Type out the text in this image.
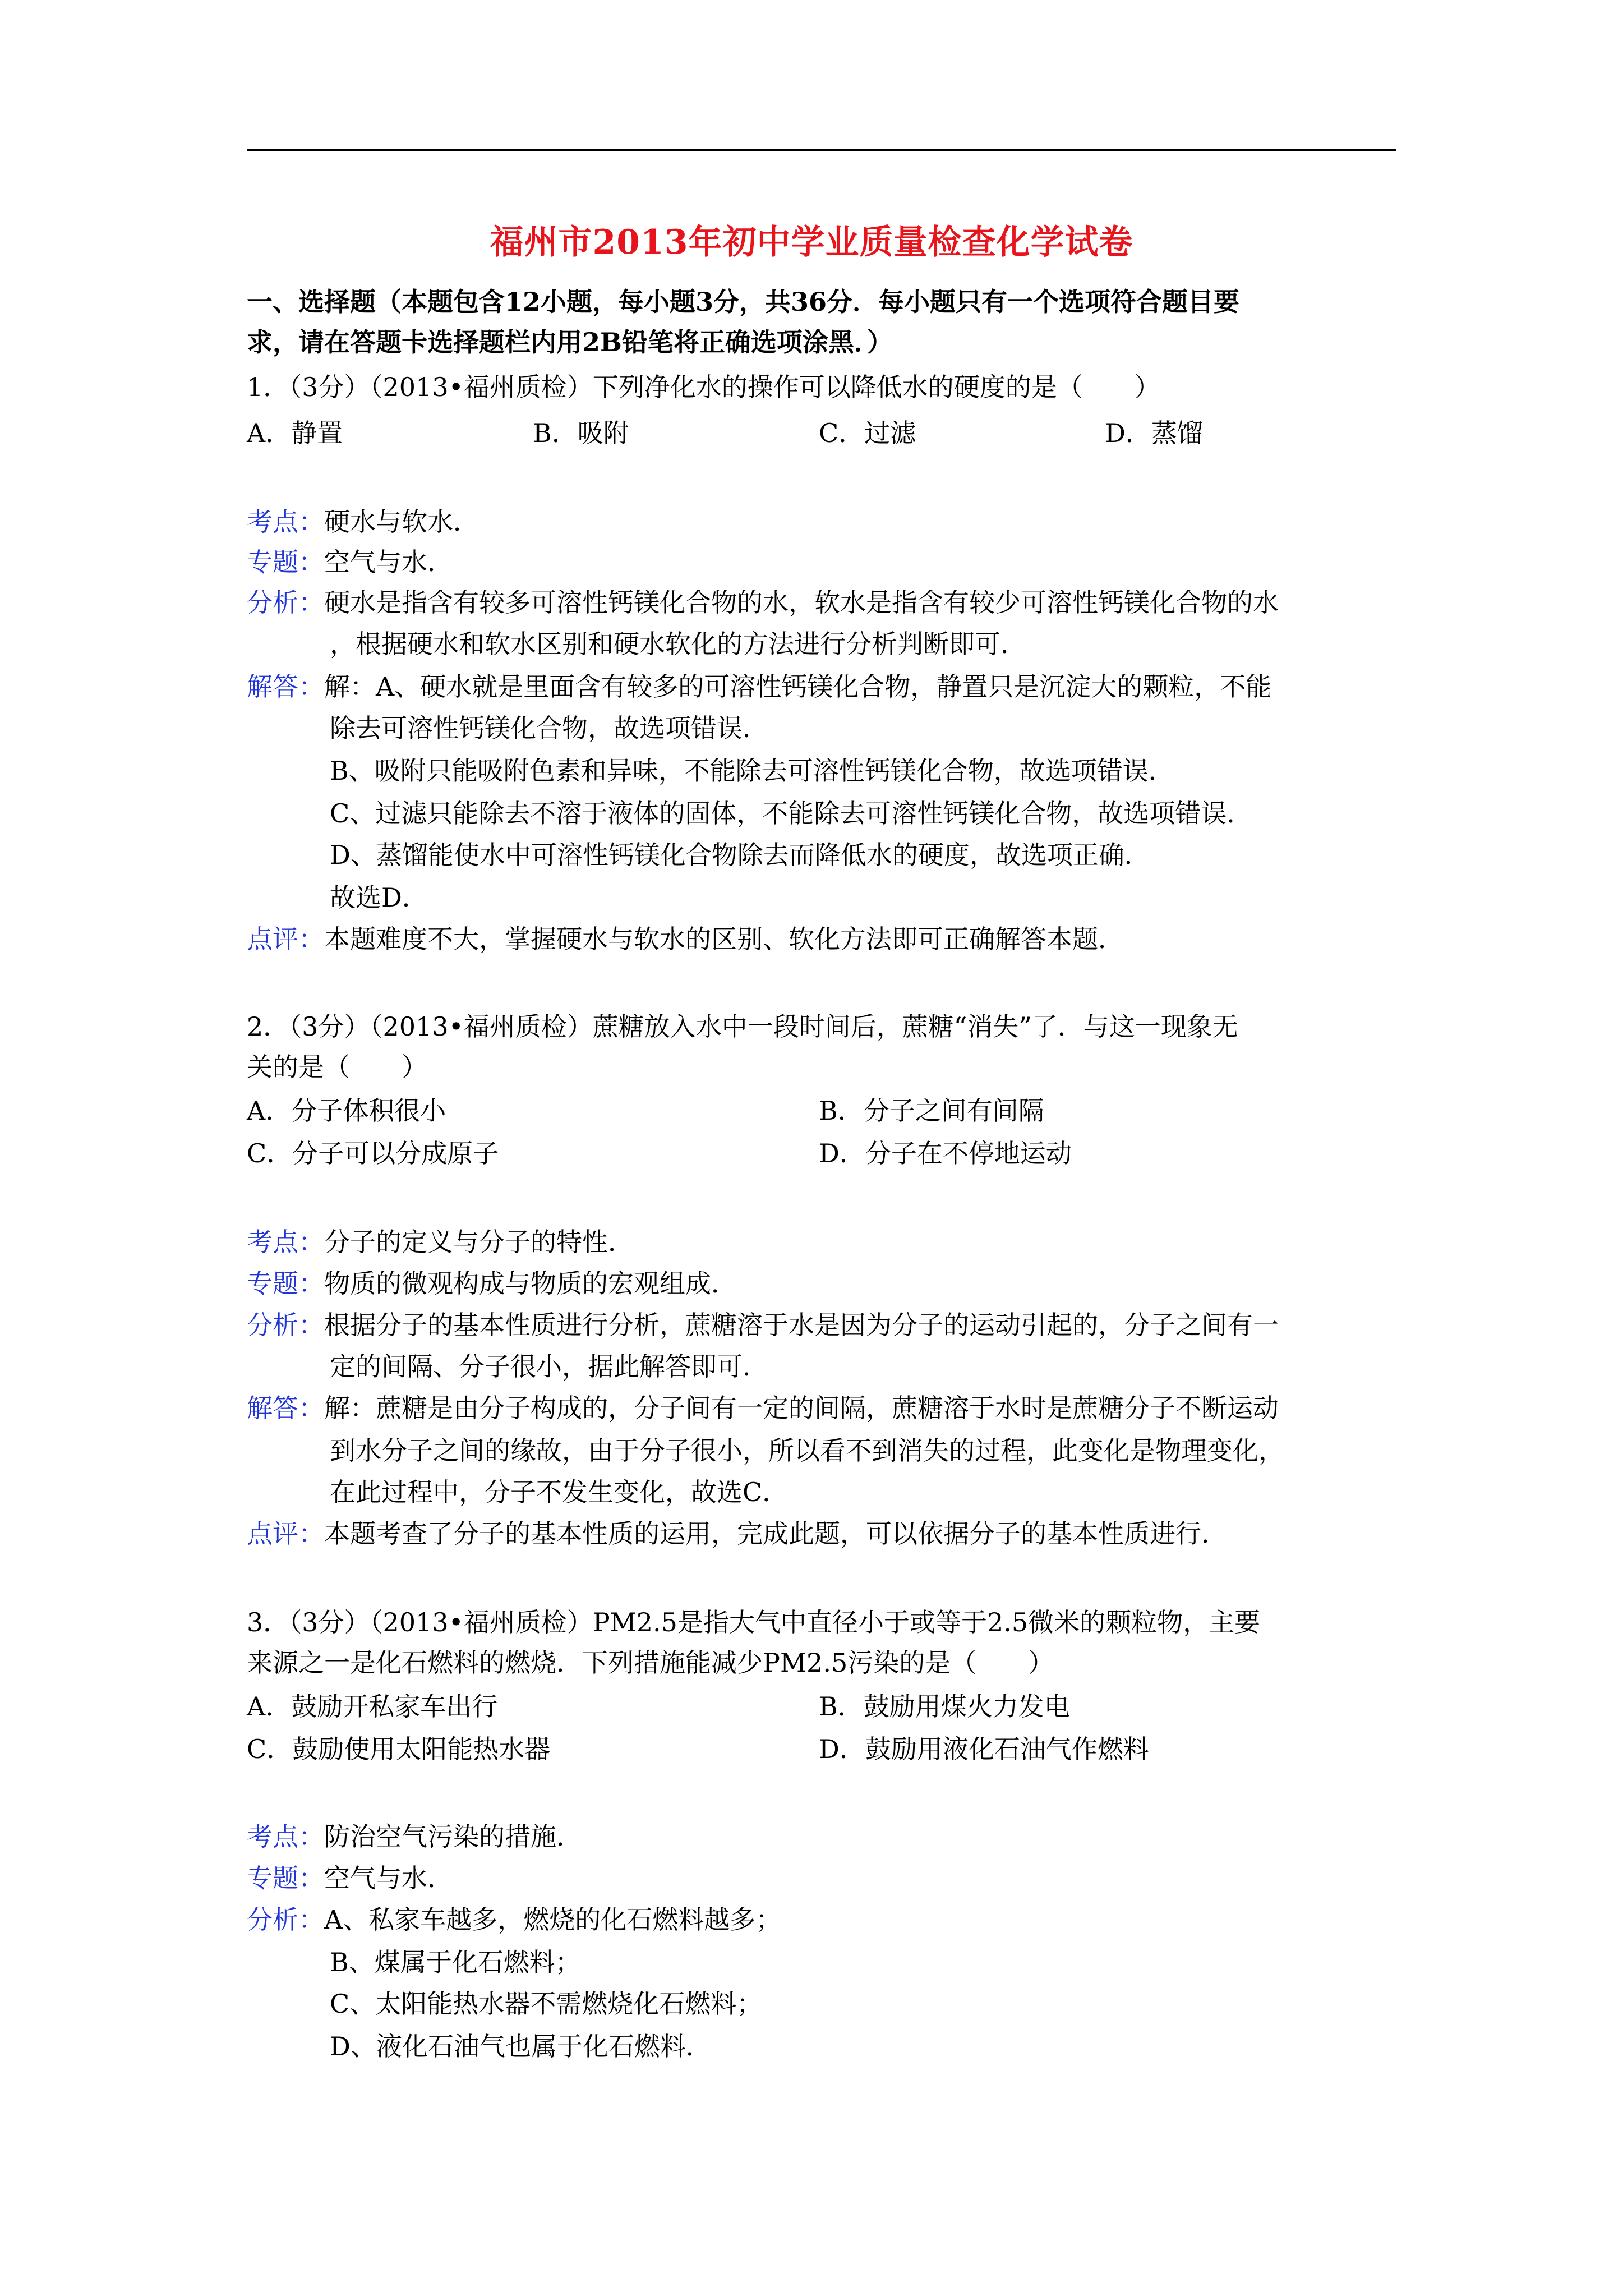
福州市2013年初中学业质量检查化学试卷
一、选择题（本题包含12小题，每小题3分，共36分．每小题只有一个选项符合题目要
求，请在答题卡选择题栏内用2B铅笔将正确选项涂黑．）
1．（3分）（2013•福州质检）下列净化水的操作可以降低水的硬度的是（　　）
A．静置	B．吸附	C．过滤	D．蒸馏
考点：硬水与软水．
专题：空气与水．
分析：硬水是指含有较多可溶性钙镁化合物的水，软水是指含有较少可溶性钙镁化合物的水
，根据硬水和软水区别和硬水软化的方法进行分析判断即可．
解答：解：A、硬水就是里面含有较多的可溶性钙镁化合物，静置只是沉淀大的颗粒，不能
除去可溶性钙镁化合物，故选项错误．
B、吸附只能吸附色素和异味，不能除去可溶性钙镁化合物，故选项错误．
C、过滤只能除去不溶于液体的固体，不能除去可溶性钙镁化合物，故选项错误．
D、蒸馏能使水中可溶性钙镁化合物除去而降低水的硬度，故选项正确．
故选D．
点评：本题难度不大，掌握硬水与软水的区别、软化方法即可正确解答本题．
2．（3分）（2013•福州质检）蔗糖放入水中一段时间后，蔗糖“消失”了．与这一现象无
关的是（　　）
A．分子体积很小	B．分子之间有间隔
C．分子可以分成原子	D．分子在不停地运动
考点：分子的定义与分子的特性．
专题：物质的微观构成与物质的宏观组成．
分析：根据分子的基本性质进行分析，蔗糖溶于水是因为分子的运动引起的，分子之间有一
定的间隔、分子很小，据此解答即可．
解答：解：蔗糖是由分子构成的，分子间有一定的间隔，蔗糖溶于水时是蔗糖分子不断运动
到水分子之间的缘故，由于分子很小，所以看不到消失的过程，此变化是物理变化，
在此过程中，分子不发生变化，故选C．
点评：本题考查了分子的基本性质的运用，完成此题，可以依据分子的基本性质进行．
3．（3分）（2013•福州质检）PM2.5是指大气中直径小于或等于2.5微米的颗粒物，主要
来源之一是化石燃料的燃烧．下列措施能减少PM2.5污染的是（　　）
A．鼓励开私家车出行	B．鼓励用煤火力发电
C．鼓励使用太阳能热水器	D．鼓励用液化石油气作燃料
考点：防治空气污染的措施．
专题：空气与水．
分析：A、私家车越多，燃烧的化石燃料越多；
B、煤属于化石燃料；
C、太阳能热水器不需燃烧化石燃料；
D、液化石油气也属于化石燃料．
